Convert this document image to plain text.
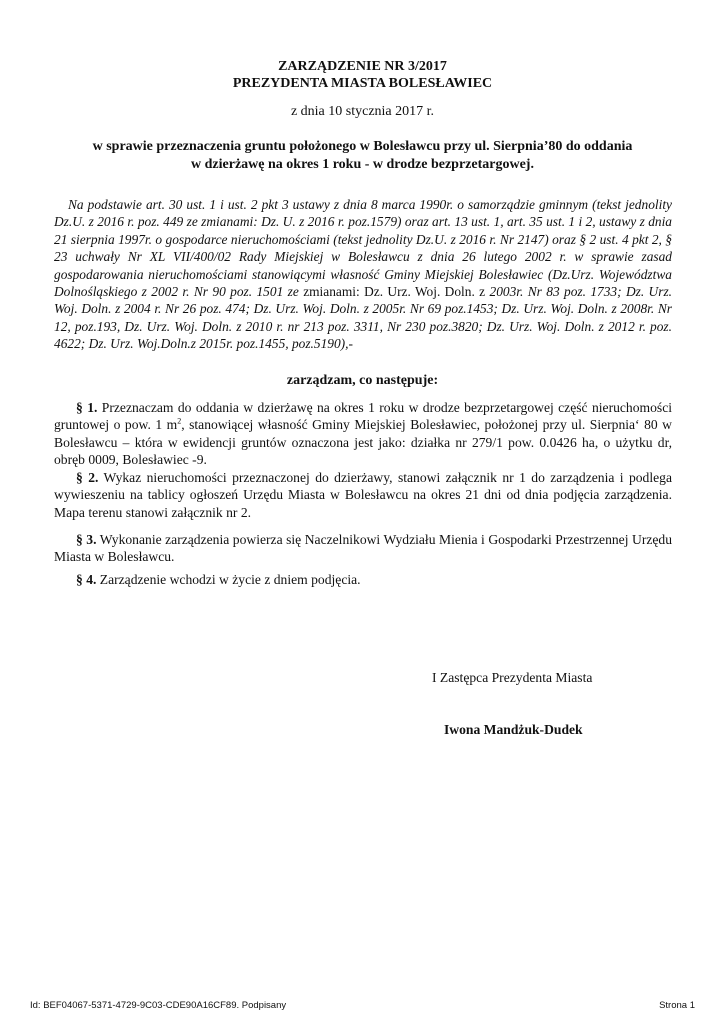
ZARZĄDZENIE NR 3/2017
PREZYDENTA MIASTA BOLESŁAWIEC
z dnia 10 stycznia 2017 r.
w sprawie przeznaczenia gruntu położonego w Bolesławcu przy ul. Sierpnia’80 do oddania
w dzierżawę na okres 1 roku - w drodze bezprzetargowej.

Na podstawie art. 30 ust. 1 i ust. 2 pkt 3 ustawy z dnia 8 marca 1990r. o samorządzie gminnym (tekst jednolity Dz.U. z 2016 r. poz. 449 ze zmianami: Dz. U. z 2016 r. poz.1579) oraz art. 13 ust. 1, art. 35 ust. 1 i 2, ustawy z dnia 21 sierpnia 1997r. o gospodarce nieruchomościami (tekst jednolity Dz.U. z 2016 r. Nr 2147) oraz § 2 ust. 4 pkt 2, § 23 uchwały Nr XL VII/400/02 Rady Miejskiej w Bolesławcu z dnia 26 lutego 2002 r. w sprawie zasad gospodarowania nieruchomościami stanowiącymi własność Gminy Miejskiej Bolesławiec (Dz.Urz. Województwa Dolnośląskiego z 2002 r. Nr 90 poz. 1501 ze zmianami: Dz. Urz. Woj. Doln. z 2003r. Nr 83 poz. 1733; Dz. Urz. Woj. Doln. z 2004 r. Nr 26 poz. 474; Dz. Urz. Woj. Doln. z 2005r. Nr 69 poz.1453; Dz. Urz. Woj. Doln. z 2008r. Nr 12, poz.193, Dz. Urz. Woj. Doln. z 2010 r. nr 213 poz. 3311, Nr 230 poz.3820; Dz. Urz. Woj. Doln. z 2012 r. poz. 4622; Dz. Urz. Woj.Doln.z 2015r. poz.1455, poz.5190),-

zarządzam, co następuje:

§ 1. Przeznaczam do oddania w dzierżawę na okres 1 roku w drodze bezprzetargowej część nieruchomości gruntowej o pow. 1 $m^2$, stanowiącej własność Gminy Miejskiej Bolesławiec, położonej przy ul. Sierpnia‘ 80 w Bolesławcu – która w ewidencji gruntów oznaczona jest jako: działka nr 279/1 pow. 0.0426 ha, o użytku dr, obręb 0009, Bolesławiec -9.

§ 2. Wykaz nieruchomości przeznaczonej do dzierżawy, stanowi załącznik nr 1 do zarządzenia i podlega wywieszeniu na tablicy ogłoszeń Urzędu Miasta w Bolesławcu na okres 21 dni od dnia podjęcia zarządzenia. Mapa terenu stanowi załącznik nr 2.

§ 3. Wykonanie zarządzenia powierza się Naczelnikowi Wydziału Mienia i Gospodarki Przestrzennej Urzędu Miasta w Bolesławcu.

§ 4. Zarządzenie wchodzi w życie z dniem podjęcia.

I Zastępca Prezydenta Miasta
Iwona Mandżuk-Dudek
Id: BEF04067-5371-4729-9C03-CDE90A16CF89. Podpisany	Strona 1
